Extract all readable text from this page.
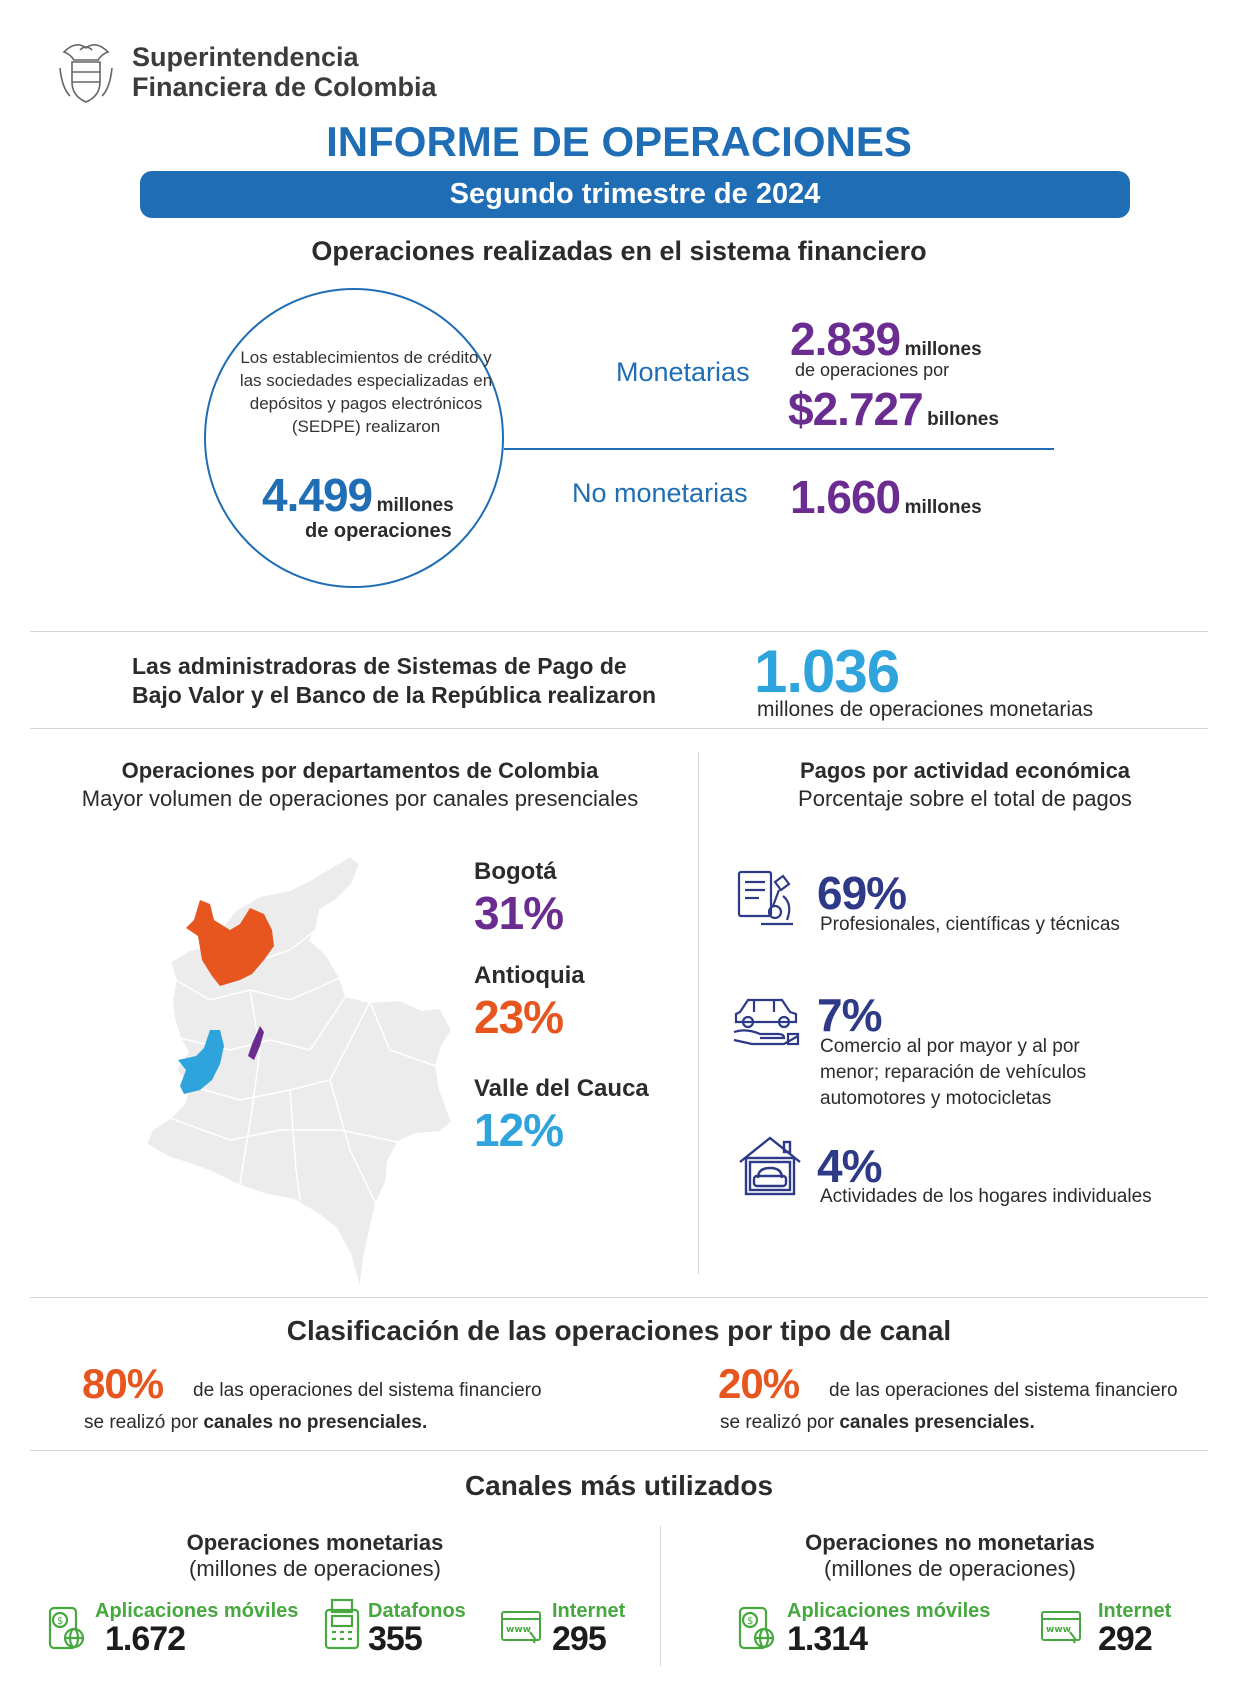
Superintendencia
Financiera de Colombia
INFORME DE OPERACIONES
Segundo trimestre de 2024
Operaciones realizadas en el sistema financiero
Los establecimientos de crédito y las sociedades especializadas en depósitos y pagos electrónicos (SEDPE) realizaron
4.499 millones
de operaciones
Monetarias
2.839 millones
de operaciones por
$2.727 billones
No monetarias 1.660 millones
Las administradoras de Sistemas de Pago de
Bajo Valor y el Banco de la República realizaron 1.036
millones de operaciones monetarias
Operaciones por departamentos de Colombia
Mayor volumen de operaciones por canales presenciales
Bogotá
31%
Antioquia
23%
Valle del Cauca
12%
Pagos por actividad económica
Porcentaje sobre el total de pagos
69%
Profesionales, científicas y técnicas
7%
Comercio al por mayor y al por
menor; reparación de vehículos
automotores y motocicletas
4%
Actividades de los hogares individuales
Clasificación de las operaciones por tipo de canal
80% de las operaciones del sistema financiero
se realizó por canales no presenciales.
20% de las operaciones del sistema financiero
se realizó por canales presenciales.
Canales más utilizados
Operaciones monetarias
(millones de operaciones)
Operaciones no monetarias
(millones de operaciones)
$ Aplicaciones móviles
1.672
Datafonos
355	www
Internet
295	$ Aplicaciones móviles
1.314	www
Internet
292
